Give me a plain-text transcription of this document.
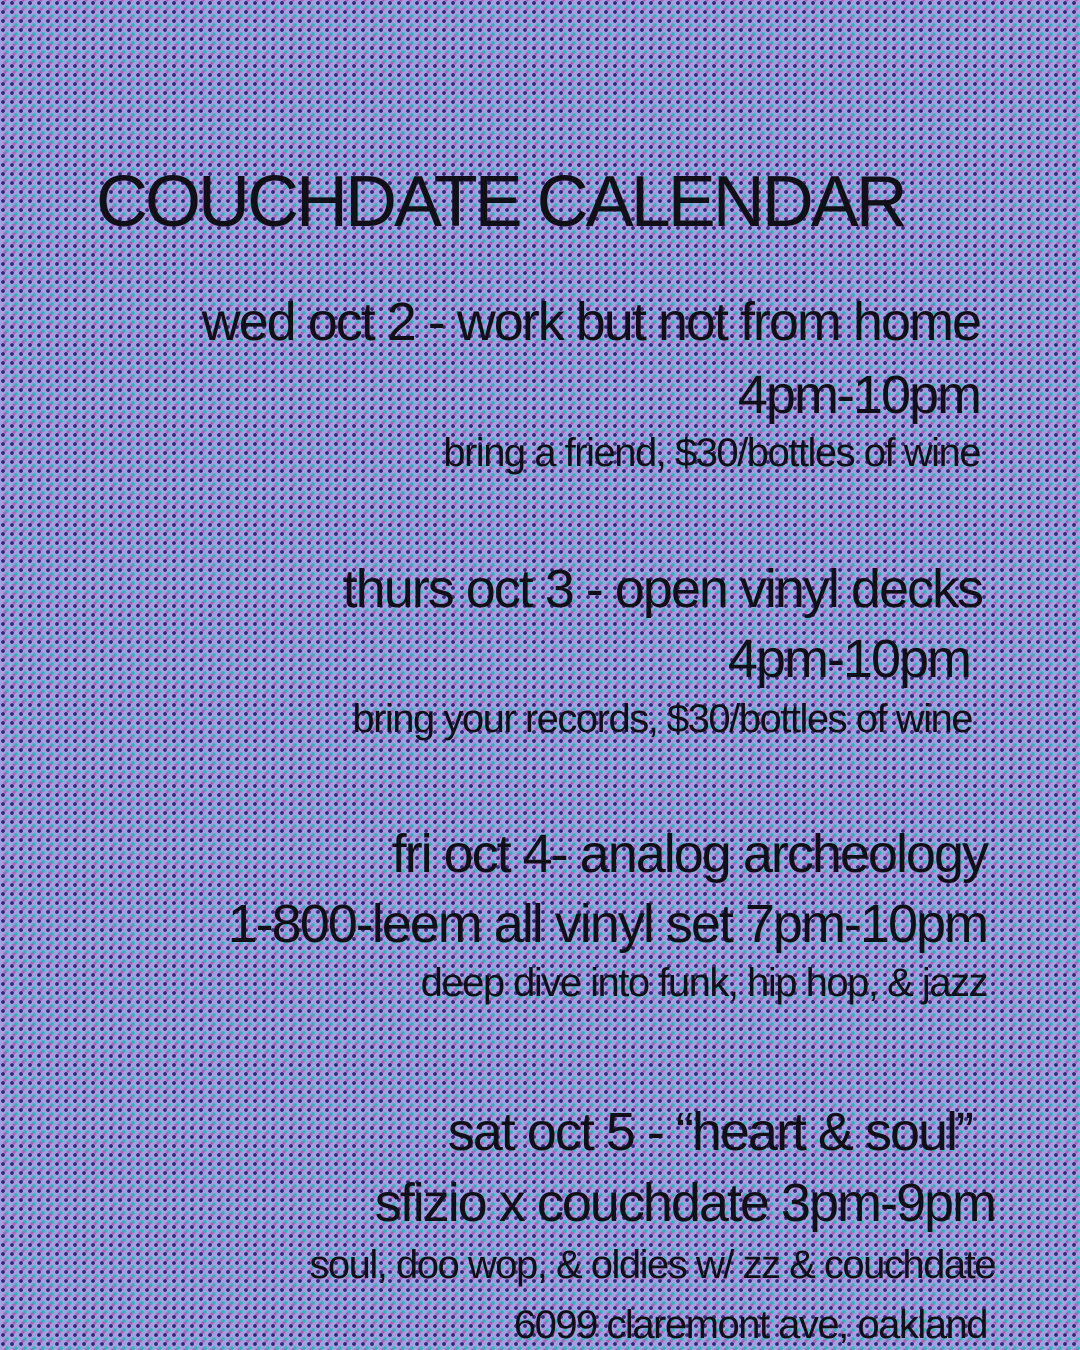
COUCHDATE CALENDAR
wed oct 2 - work but not from home
4pm-10pm
bring a friend, $30/bottles of wine
thurs oct 3 - open vinyl decks
4pm-10pm
bring your records, $30/bottles of wine
fri oct 4- analog archeology
1-800-leem all vinyl set 7pm-10pm
deep dive into funk, hip hop, & jazz
sat oct 5 - “heart & soul”
sfizio x couchdate 3pm-9pm
soul, doo wop, & oldies w/ zz & couchdate
6099 claremont ave, oakland
